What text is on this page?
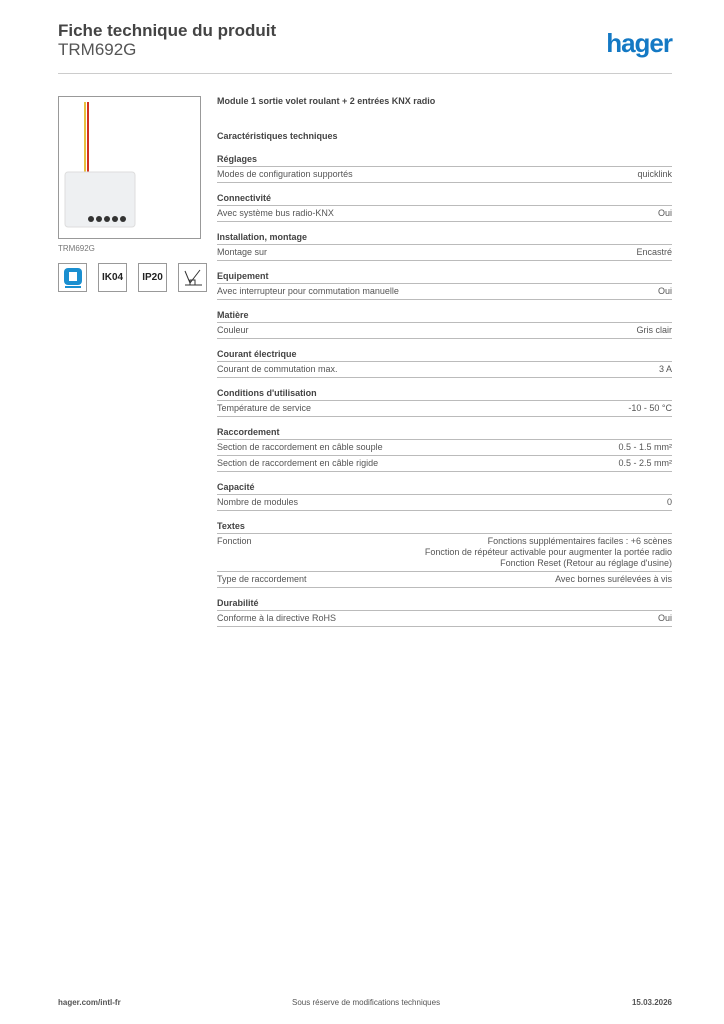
Fiche technique du produit
TRM692G	hager
TRM692G
IK04	IP20
Module 1 sortie volet roulant + 2 entrées KNX radio
Caractéristiques techniques
Réglages
Modes de configuration supportés	quicklink
Connectivité
Avec système bus radio-KNX	Oui
Installation, montage
Montage sur	Encastré
Equipement
Avec interrupteur pour commutation manuelle	Oui
Matière
Couleur	Gris clair
Courant électrique
Courant de commutation max.	3 A
Conditions d'utilisation
Température de service	-10 - 50 °C
Raccordement
Section de raccordement en câble souple	0.5 - 1.5 mm²
Section de raccordement en câble rigide	0.5 - 2.5 mm²
Capacité
Nombre de modules	0
Textes
Fonction	Fonctions supplémentaires faciles : +6 scènes
Fonction de répéteur activable pour augmenter la portée radio
Fonction Reset (Retour au réglage d'usine)
Type de raccordement	Avec bornes surélevées à vis
Durabilité
Conforme à la directive RoHS	Oui
hager.com/intl-fr	Sous réserve de modifications techniques	15.03.2026
